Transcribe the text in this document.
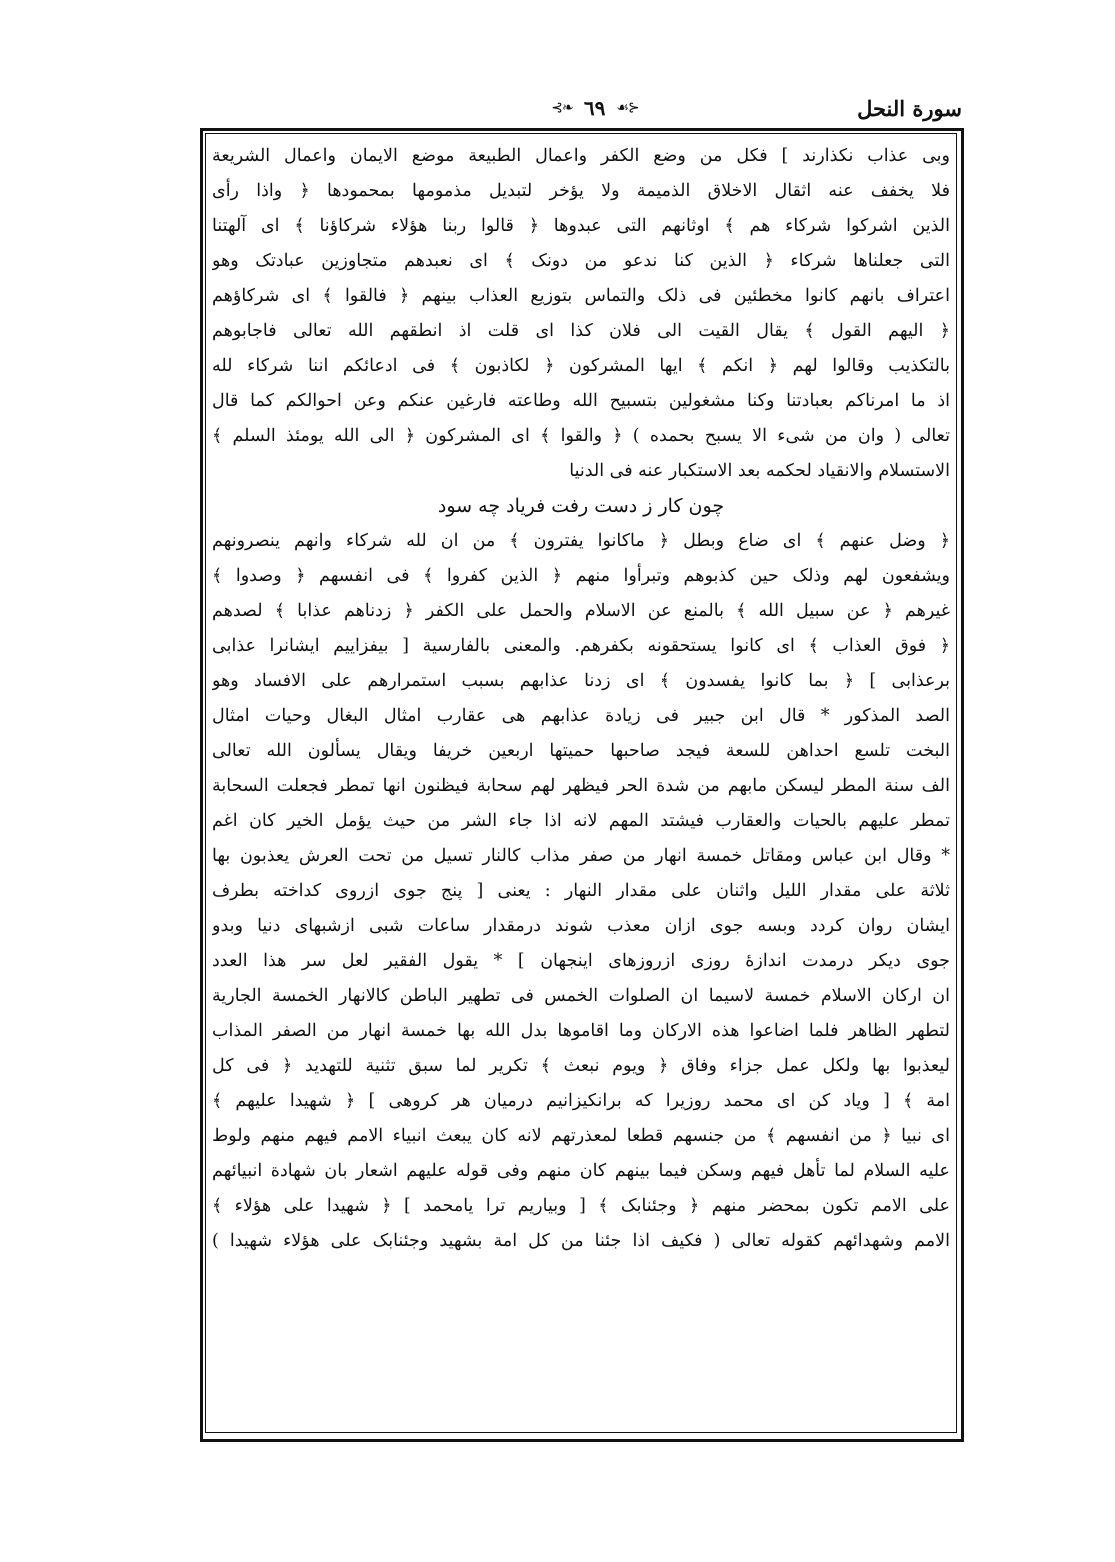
سورة النحل
⊰❧ ٦٩ ☙⊱
وبی عذاب نکذارند ] فکل من وضع الکفر واعمال الطبیعة موضع الایمان واعمال الشریعة
فلا یخفف عنه اثقال الاخلاق الذمیمة ولا یؤخر لتبدیل مذمومها بمحمودها ﴿ واذا رأی
الذین اشرکوا شرکاء هم ﴾ اوثانهم التی عبدوها ﴿ قالوا ربنا هؤلاء شرکاؤنا ﴾ ای آلهتنا
التی جعلناها شرکاء ﴿ الذین کنا ندعو من دونک ﴾ ای نعبدهم متجاوزین عبادتک وهو
اعتراف بانهم کانوا مخطئین فی ذلک والتماس بتوزیع العذاب بینهم ﴿ فالقوا ﴾ ای شرکاؤهم
﴿ الیهم القول ﴾ یقال القیت الی فلان کذا ای قلت اذ انطقهم الله تعالی فاجابوهم
بالتکذیب وقالوا لهم ﴿ انکم ﴾ ایها المشرکون ﴿ لکاذبون ﴾ فی ادعائکم اننا شرکاء لله
اذ ما امرناکم بعبادتنا وکنا مشغولین بتسبیح الله وطاعته فارغین عنکم وعن احوالکم کما قال
تعالی ( وان من شیء الا یسبح بحمده ) ﴿ والقوا ﴾ ای المشرکون ﴿ الی الله یومئذ السلم ﴾
الاستسلام والانقیاد لحکمه بعد الاستکبار عنه فی الدنیا
چون کار ز دست رفت فریاد چه سود
﴿ وضل عنهم ﴾ ای ضاع وبطل ﴿ ماکانوا یفترون ﴾ من ان لله شرکاء وانهم ینصرونهم
ویشفعون لهم وذلک حین کذبوهم وتبرأوا منهم ﴿ الذین کفروا ﴾ فی انفسهم ﴿ وصدوا ﴾
غیرهم ﴿ عن سبیل الله ﴾ بالمنع عن الاسلام والحمل علی الکفر ﴿ زدناهم عذابا ﴾ لصدهم
﴿ فوق العذاب ﴾ ای کانوا یستحقونه بکفرهم. والمعنی بالفارسیة [ بیفزاییم ایشانرا عذابی
برعذابی ] ﴿ بما کانوا یفسدون ﴾ ای زدنا عذابهم بسبب استمرارهم علی الافساد وهو
الصد المذکور * قال ابن جبیر فی زیادة عذابهم هی عقارب امثال البغال وحیات امثال
البخت تلسع احداهن للسعة فیجد صاحبها حمیتها اربعین خریفا ویقال یسألون الله تعالی
الف سنة المطر لیسکن مابهم من شدة الحر فیظهر لهم سحابة فیظنون انها تمطر فجعلت السحابة
تمطر علیهم بالحیات والعقارب فیشتد المهم لانه اذا جاء الشر من حیث یؤمل الخیر کان اغم
* وقال ابن عباس ومقاتل خمسة انهار من صفر مذاب کالنار تسیل من تحت العرش یعذبون بها
ثلاثة علی مقدار اللیل واثنان علی مقدار النهار : یعنی [ پنج جوی ازروی کداخته بطرف
ایشان روان کردد وبسه جوی ازان معذب شوند درمقدار ساعات شبی ازشبهای دنیا وبدو
جوی دیکر درمدت اندازهٔ روزی ازروزهای اینجهان ] * یقول الفقیر لعل سر هذا العدد
ان ارکان الاسلام خمسة لاسیما ان الصلوات الخمس فی تطهیر الباطن کالانهار الخمسة الجاریة
لتطهر الظاهر فلما اضاعوا هذه الارکان وما اقاموها بدل الله بها خمسة انهار من الصفر المذاب
لیعذبوا بها ولکل عمل جزاء وفاق ﴿ ویوم نبعث ﴾ تکریر لما سبق تثنیة للتهدید ﴿ فی کل
امة ﴾ [ ویاد کن ای محمد روزیرا که برانکیزانیم درمیان هر کروهی ] ﴿ شهیدا علیهم ﴾
ای نبیا ﴿ من انفسهم ﴾ من جنسهم قطعا لمعذرتهم لانه کان یبعث انبیاء الامم فیهم منهم ولوط
علیه السلام لما تأهل فیهم وسکن فیما بینهم کان منهم وفی قوله علیهم اشعار بان شهادة انبیائهم
علی الامم تکون بمحضر منهم ﴿ وجئنابک ﴾ [ وبیاریم ترا یامحمد ] ﴿ شهیدا علی هؤلاء ﴾
الامم وشهدائهم کقوله تعالی ( فکیف اذا جئنا من کل امة بشهید وجئنابک علی هؤلاء شهیدا )
